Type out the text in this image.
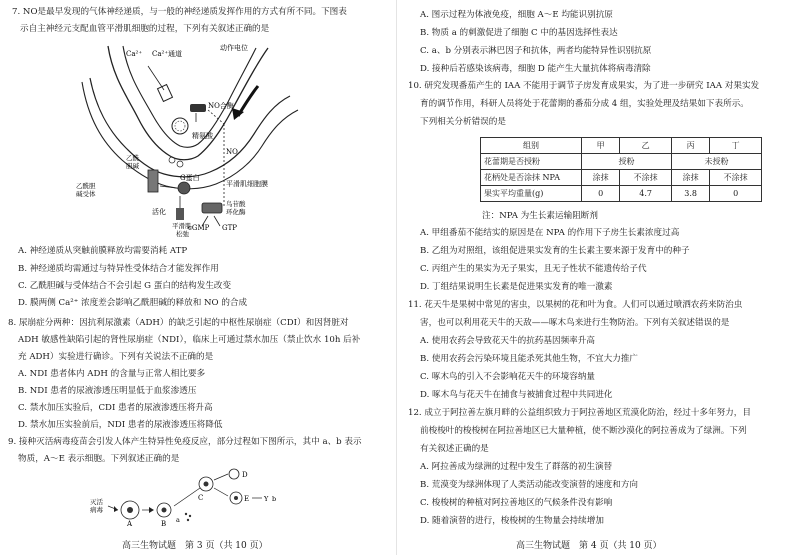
7. NO是最早发现的气体神经递质，与一般的神经递质发挥作用的方式有所不同。下图表
示自主神经元支配血管平滑肌细胞的过程，下列有关叙述正确的是
Ca²⁺ Ca²⁺通道
动作电位
NO合酶
精氨酸
乙酰
胆碱
乙酰胆
碱受体
G蛋白
平滑肌细胞膜
鸟苷酸
环化酶
活化
平滑肌
松弛
cGMP GTP
NO
A. 神经递质从突触前膜释放均需要消耗 ATP
B. 神经递质均需通过与特异性受体结合才能发挥作用
C. 乙酰胆碱与受体结合不会引起 G 蛋白的结构发生改变
D. 膜两侧 Ca²⁺ 浓度差会影响乙酰胆碱的释放和 NO 的合成
8. 尿崩症分两种：因抗利尿激素（ADH）的缺乏引起的中枢性尿崩症（CDI）和因肾脏对
ADH 敏感性缺陷引起的肾性尿崩症（NDI），临床上可通过禁水加压（禁止饮水 10h 后补
充 ADH）实验进行确诊。下列有关说法不正确的是
A. NDI 患者体内 ADH 的含量与正常人相比要多
B. NDI 患者的尿液渗透压明显低于血浆渗透压
C. 禁水加压实验后，CDI 患者的尿液渗透压将升高
D. 禁水加压实验前后，NDI 患者的尿液渗透压将降低
9. 接种灭活病毒疫苗会引发人体产生特异性免疫反应，部分过程如下图所示，其中 a、b 表示
物质，A～E 表示细胞。下列叙述正确的是
灭活
病毒
A	B a
C
D
E Y b
高三生物试题　第 3 页（共 10 页）
A. 图示过程为体液免疫，细胞 A～E 均能识别抗原
B. 物质 a 的刺激促进了细胞 C 中的基因选择性表达
C. a、b 分别表示淋巴因子和抗体，两者均能特异性识别抗原
D. 接种后若感染该病毒，细胞 D 能产生大量抗体将病毒清除
10. 研究发现番茄产生的 IAA 不能用于调节子房发育成果实，为了进一步研究 IAA 对果实发
育的调节作用，科研人员将处于花蕾期的番茄分成 4 组，实验处理及结果如下表所示。
下列相关分析错误的是
组别	甲	乙	丙	丁
花蕾期是否授粉	授粉		未授粉	
花柄处是否涂抹 NPA	涂抹	不涂抹	涂抹	不涂抹
果实平均重量(g)	0	4.7	3.8	0
注：NPA 为生长素运输阻断剂
A. 甲组番茄不能结实的原因是在 NPA 的作用下子房生长素浓度过高
B. 乙组为对照组，该组促进果实发育的生长素主要来源于发育中的种子
C. 丙组产生的果实为无子果实，且无子性状不能遗传给子代
D. 丁组结果说明生长素是促进果实发育的唯一激素
11. 花天牛是果树中常见的害虫，以果树的花和叶为食。人们可以通过喷洒农药来防治虫
害，也可以利用花天牛的天敌——啄木鸟来进行生物防治。下列有关叙述错误的是
A. 使用农药会导致花天牛的抗药基因频率升高
B. 使用农药会污染环境且能杀死其他生物，不宜大力推广
C. 啄木鸟的引入不会影响花天牛的环境容纳量
D. 啄木鸟与花天牛在捕食与被捕食过程中共同进化
12. 成立于阿拉善左旗月畔的公益组织致力于阿拉善地区荒漠化防治，经过十多年努力，目
前梭梭叶的梭梭树在阿拉善地区已大量种植，使不断沙漠化的阿拉善成为了绿洲。下列
有关叙述正确的是
A. 阿拉善成为绿洲的过程中发生了群落的初生演替
B. 荒漠变为绿洲体现了人类活动能改变演替的速度和方向
C. 梭梭树的种植对阿拉善地区的气候条件没有影响
D. 随着演替的进行，梭梭树的生物量会持续增加
高三生物试题　第 4 页（共 10 页）
